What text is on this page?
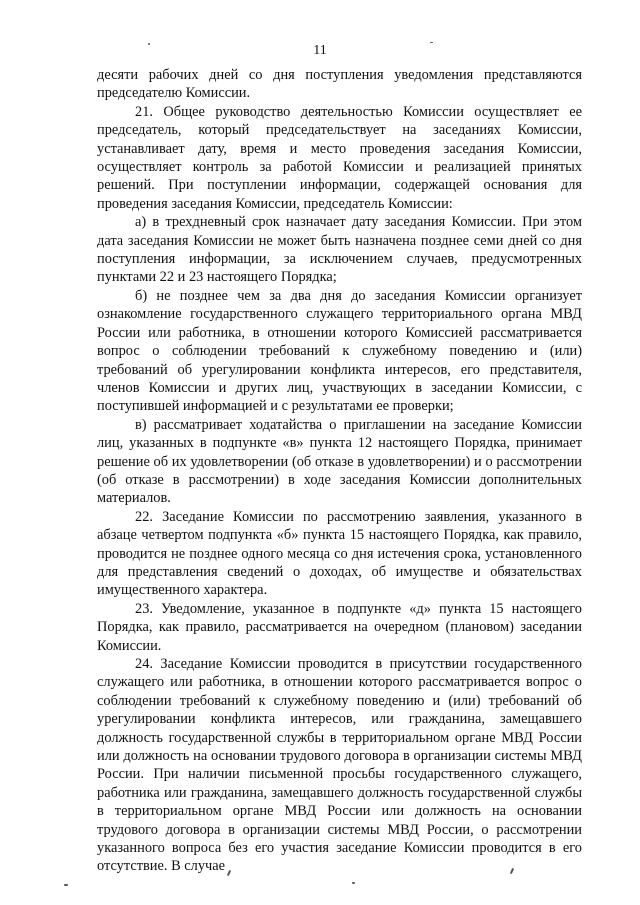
11

десяти рабочих дней со дня поступления уведомления представляются председателю Комиссии.

21. Общее руководство деятельностью Комиссии осуществляет ее председатель, который председательствует на заседаниях Комиссии, устанавливает дату, время и место проведения заседания Комиссии, осуществляет контроль за работой Комиссии и реализацией принятых решений. При поступлении информации, содержащей основания для проведения заседания Комиссии, председатель Комиссии:

а) в трехдневный срок назначает дату заседания Комиссии. При этом дата заседания Комиссии не может быть назначена позднее семи дней со дня поступления информации, за исключением случаев, предусмотренных пунктами 22 и 23 настоящего Порядка;

б) не позднее чем за два дня до заседания Комиссии организует ознакомление государственного служащего территориального органа МВД России или работника, в отношении которого Комиссией рассматривается вопрос о соблюдении требований к служебному поведению и (или) требований об урегулировании конфликта интересов, его представителя, членов Комиссии и других лиц, участвующих в заседании Комиссии, с поступившей информацией и с результатами ее проверки;

в) рассматривает ходатайства о приглашении на заседание Комиссии лиц, указанных в подпункте «в» пункта 12 настоящего Порядка, принимает решение об их удовлетворении (об отказе в удовлетворении) и о рассмотрении (об отказе в рассмотрении) в ходе заседания Комиссии дополнительных материалов.

22. Заседание Комиссии по рассмотрению заявления, указанного в абзаце четвертом подпункта «б» пункта 15 настоящего Порядка, как правило, проводится не позднее одного месяца со дня истечения срока, установленного для представления сведений о доходах, об имуществе и обязательствах имущественного характера.

23. Уведомление, указанное в подпункте «д» пункта 15 настоящего Порядка, как правило, рассматривается на очередном (плановом) заседании Комиссии.

24. Заседание Комиссии проводится в присутствии государственного служащего или работника, в отношении которого рассматривается вопрос о соблюдении требований к служебному поведению и (или) требований об урегулировании конфликта интересов, или гражданина, замещавшего должность государственной службы в территориальном органе МВД России или должность на основании трудового договора в организации системы МВД России. При наличии письменной просьбы государственного служащего, работника или гражданина, замещавшего должность государственной службы в территориальном органе МВД России или должность на основании трудового договора в организации системы МВД России, о рассмотрении указанного вопроса без его участия заседание Комиссии проводится в его отсутствие. В случае
